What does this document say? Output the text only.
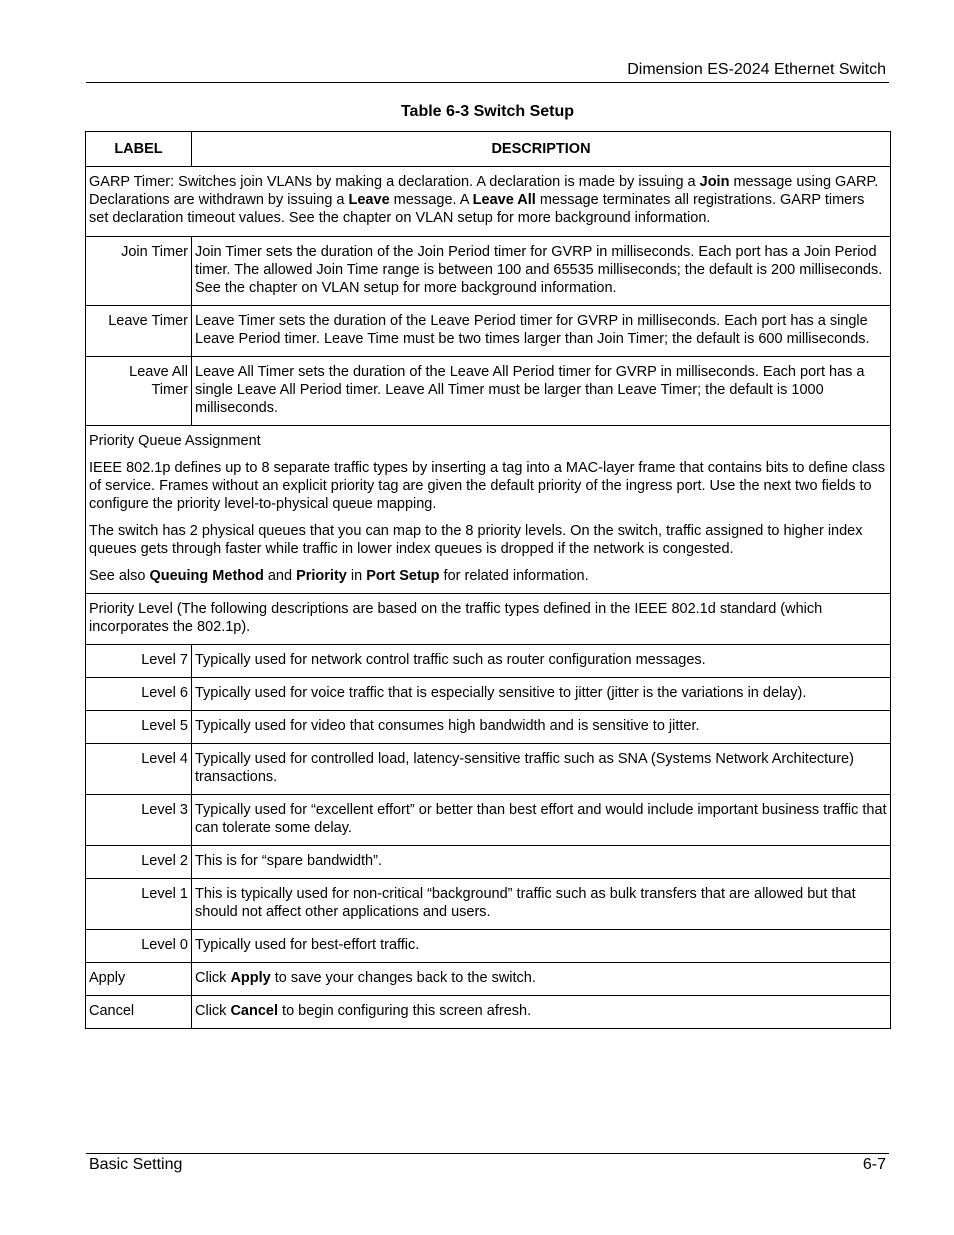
Dimension ES-2024 Ethernet Switch
Table 6-3 Switch Setup
LABEL	DESCRIPTION
GARP Timer: Switches join VLANs by making a declaration. A declaration is made by issuing a Join message using GARP. Declarations are withdrawn by issuing a Leave message. A Leave All message terminates all registrations. GARP timers set declaration timeout values. See the chapter on VLAN setup for more background information.	
Join Timer	Join Timer sets the duration of the Join Period timer for GVRP in milliseconds. Each port has a Join Period timer. The allowed Join Time range is between 100 and 65535 milliseconds; the default is 200 milliseconds. See the chapter on VLAN setup for more background information.
Leave Timer	Leave Timer sets the duration of the Leave Period timer for GVRP in milliseconds. Each port has a single Leave Period timer. Leave Time must be two times larger than Join Timer; the default is 600 milliseconds.
Leave All Timer	Leave All Timer sets the duration of the Leave All Period timer for GVRP in milliseconds. Each port has a single Leave All Period timer. Leave All Timer must be larger than Leave Timer; the default is 1000 milliseconds.

Priority Queue Assignment

IEEE 802.1p defines up to 8 separate traffic types by inserting a tag into a MAC-layer frame that contains bits to define class of service. Frames without an explicit priority tag are given the default priority of the ingress port. Use the next two fields to configure the priority level-to-physical queue mapping.

The switch has 2 physical queues that you can map to the 8 priority levels. On the switch, traffic assigned to higher index queues gets through faster while traffic in lower index queues is dropped if the network is congested.

See also Queuing Method and Priority in Port Setup for related information.	

Priority Level (The following descriptions are based on the traffic types defined in the IEEE 802.1d standard (which incorporates the 802.1p).	
Level 7	Typically used for network control traffic such as router configuration messages.
Level 6	Typically used for voice traffic that is especially sensitive to jitter (jitter is the variations in delay).
Level 5	Typically used for video that consumes high bandwidth and is sensitive to jitter.
Level 4	Typically used for controlled load, latency-sensitive traffic such as SNA (Systems Network Architecture) transactions.
Level 3	Typically used for “excellent effort” or better than best effort and would include important business traffic that can tolerate some delay.
Level 2	This is for “spare bandwidth”.
Level 1	This is typically used for non-critical “background” traffic such as bulk transfers that are allowed but that should not affect other applications and users.
Level 0	Typically used for best-effort traffic.
Apply	Click Apply to save your changes back to the switch.
Cancel	Click Cancel to begin configuring this screen afresh.
Basic Setting	6-7
